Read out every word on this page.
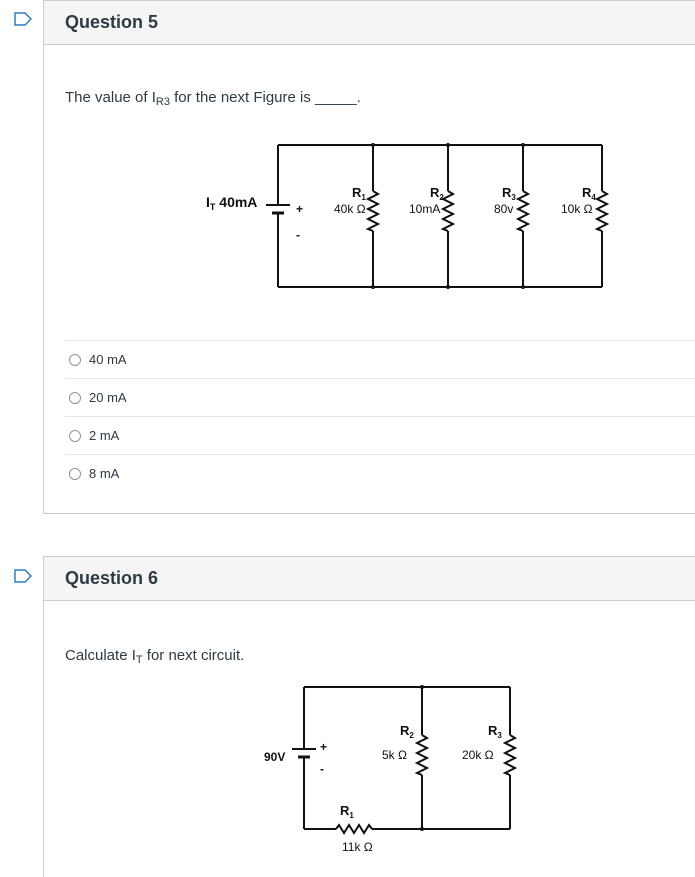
Question 5
The value of $I_{R3}$ for the next Figure is _____.
$I_T$ 40mA	+
-
$R_1$
40k Ω
$R_2$
10mA
$R_3$
80v
$R_4$
10k Ω
40 mA
20 mA
2 mA
8 mA
Question 6
Calculate $I_T$ for next circuit.
90V
+
-
$R_1$
11k Ω
$R_2$
5k Ω
$R_3$
20k Ω
